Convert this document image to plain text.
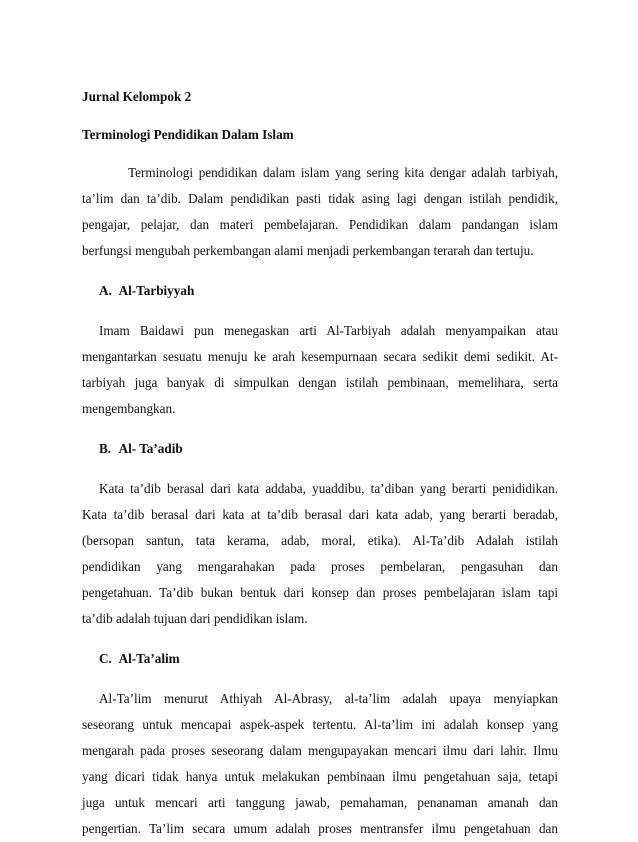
Jurnal Kelompok 2
Terminologi Pendidikan Dalam Islam
Terminologi pendidikan dalam islam yang sering kita dengar adalah tarbiyah,
ta’lim dan ta’dib. Dalam pendidikan pasti tidak asing lagi dengan istilah pendidik,
pengajar, pelajar, dan materi pembelajaran. Pendidikan dalam pandangan islam
berfungsi mengubah perkembangan alami menjadi perkembangan terarah dan tertuju.
A. Al-Tarbiyyah
Imam Baidawi pun menegaskan arti Al-Tarbiyah adalah menyampaikan atau
mengantarkan sesuatu menuju ke arah kesempurnaan secara sedikit demi sedikit. At-
tarbiyah juga banyak di simpulkan dengan istilah pembinaan, memelihara, serta
mengembangkan.
B. Al- Ta’adib
Kata ta’dib berasal dari kata addaba, yuaddibu, ta’diban yang berarti penididikan.
Kata ta’dib berasal dari kata at ta’dib berasal dari kata adab, yang berarti beradab,
(bersopan santun, tata kerama, adab, moral, etika). Al-Ta’dib Adalah istilah
pendidikan yang mengarahakan pada proses pembelaran, pengasuhan dan
pengetahuan. Ta’dib bukan bentuk dari konsep dan proses pembelajaran islam tapi
ta’dib adalah tujuan dari pendidikan islam.
C. Al-Ta’alim
Al-Ta’lim menurut Athiyah Al-Abrasy, al-ta’lim adalah upaya menyiapkan
seseorang untuk mencapai aspek-aspek tertentu. Al-ta’lim ini adalah konsep yang
mengarah pada proses seseorang dalam mengupayakan mencari ilmu dari lahir. Ilmu
yang dicari tidak hanya untuk melakukan pembinaan ilmu pengetahuan saja, tetapi
juga untuk mencari arti tanggung jawab, pemahaman, penanaman amanah dan
pengertian. Ta’lim secara umum adalah proses mentransfer ilmu pengetahuan dan
